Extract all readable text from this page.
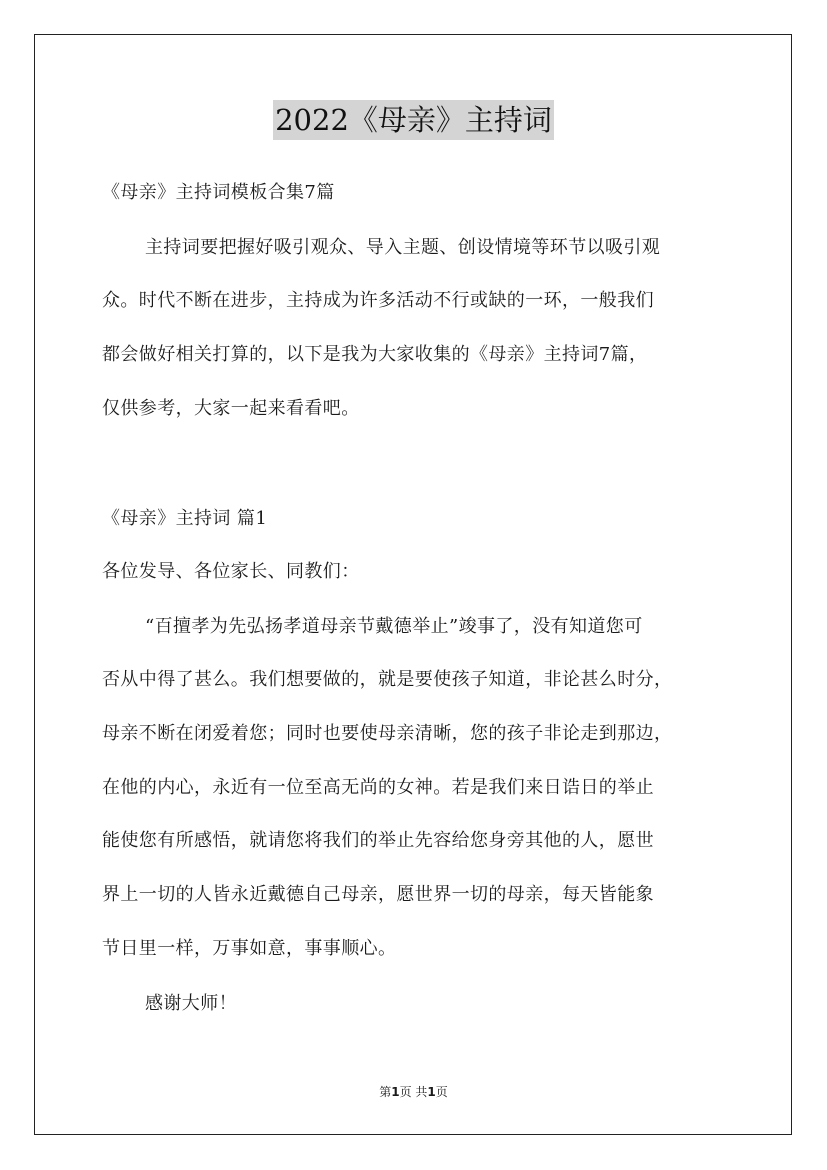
2022《母亲》主持词
《母亲》主持词模板合集7篇
主持词要把握好吸引观众、导入主题、创设情境等环节以吸引观
众。时代不断在进步，主持成为许多活动不行或缺的一环，一般我们
都会做好相关打算的，以下是我为大家收集的《母亲》主持词7篇，
仅供参考，大家一起来看看吧。
《母亲》主持词 篇1
各位发导、各位家长、同教们：
“百擅孝为先弘扬孝道母亲节戴德举止”竣事了，没有知道您可
否从中得了甚么。我们想要做的，就是要使孩子知道，非论甚么时分，
母亲不断在闭爱着您；同时也要使母亲清晰，您的孩子非论走到那边，
在他的内心，永近有一位至高无尚的女神。若是我们来日诰日的举止
能使您有所感悟，就请您将我们的举止先容给您身旁其他的人，愿世
界上一切的人皆永近戴德自己母亲，愿世界一切的母亲，每天皆能象
节日里一样，万事如意，事事顺心。
感谢大师！
第1页 共1页
